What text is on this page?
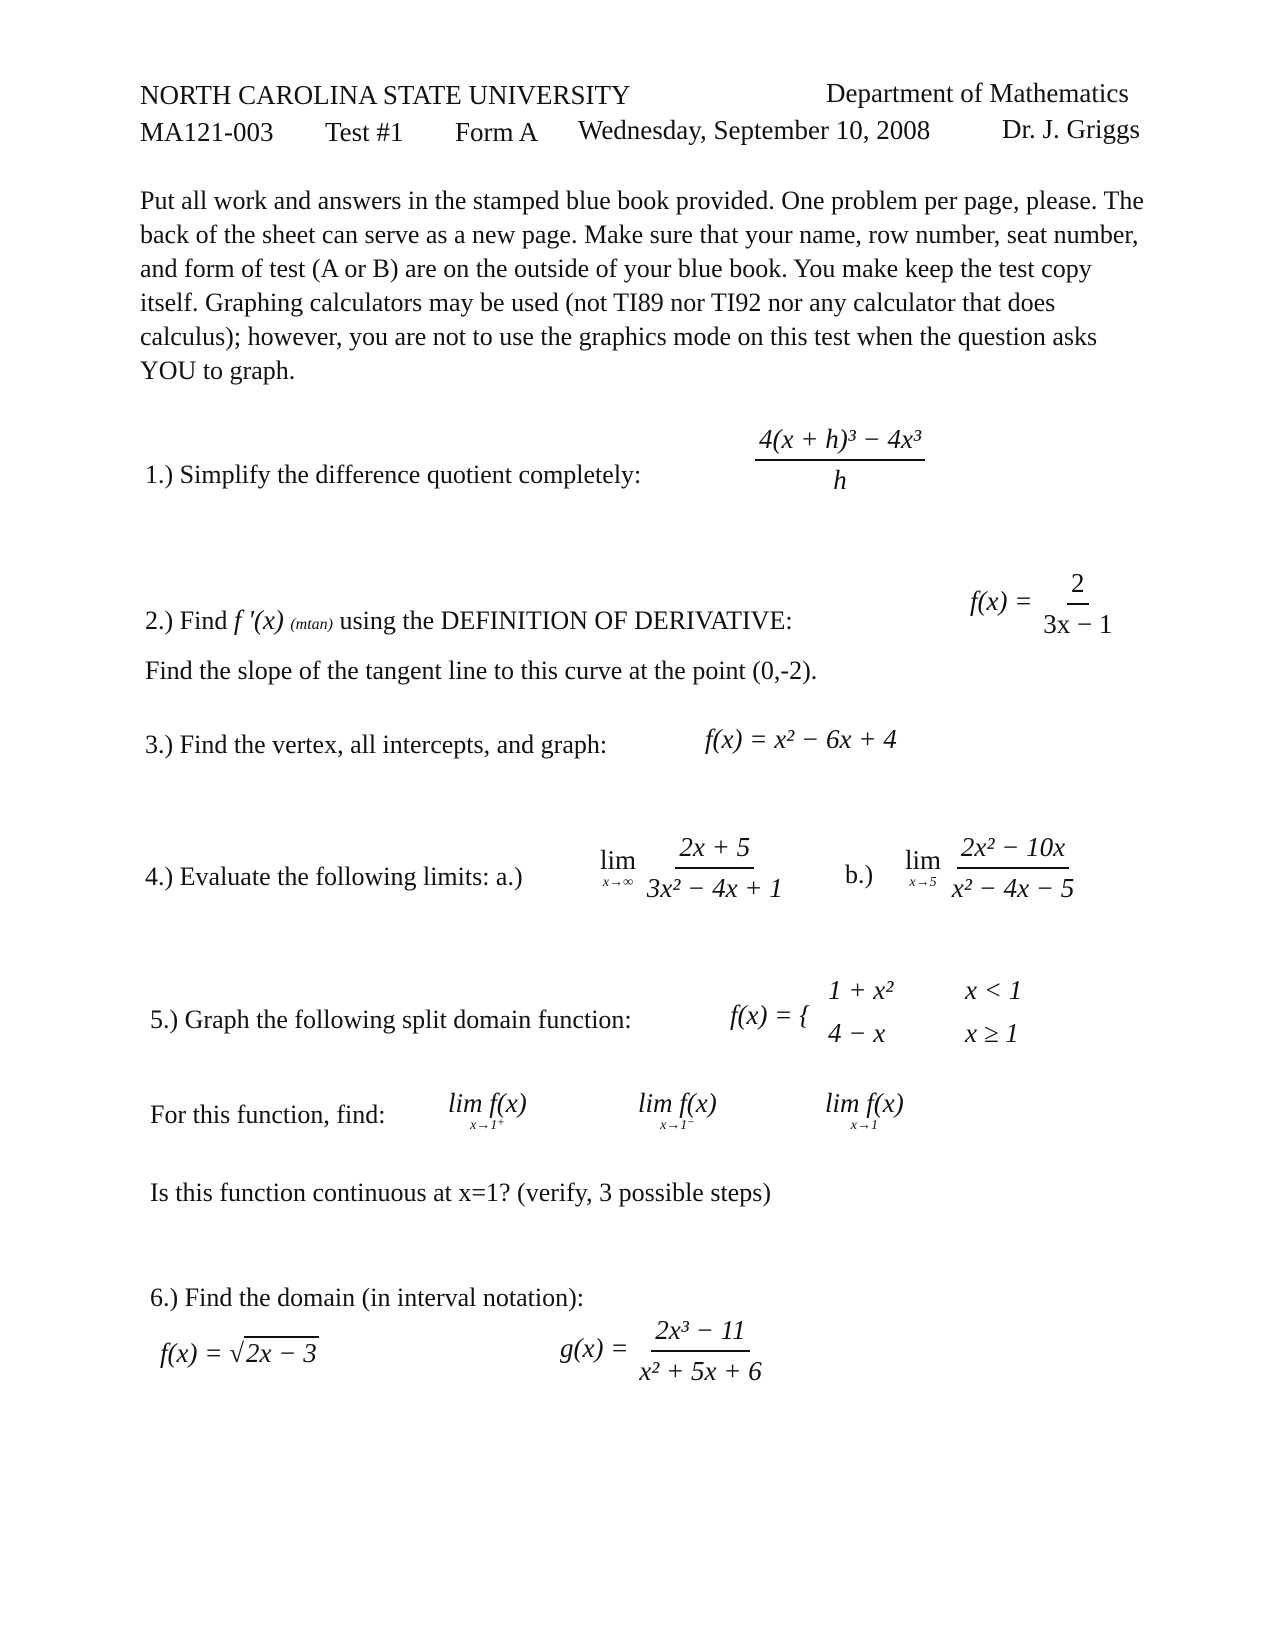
NORTH CAROLINA STATE UNIVERSITY	Department of Mathematics
MA121-003 Test #1 Form A Wednesday, September 10, 2008	Dr. J. Griggs
Put all work and answers in the stamped blue book provided. One problem per page, please. The back of the sheet can serve as a new page. Make sure that your name, row number, seat number, and form of test (A or B) are on the outside of your blue book. You make keep the test copy itself. Graphing calculators may be used (not TI89 nor TI92 nor any calculator that does calculus); however, you are not to use the graphics mode on this test when the question asks YOU to graph.
1.) Simplify the difference quotient completely:	$\frac{\text{4(x + h)³ − 4x³}}{h}$
2.) Find f '(x) (mtan) using the DEFINITION OF DERIVATIVE:
$f(x) = \frac{2}{3x - 1}$
Find the slope of the tangent line to this curve at the point (0,-2).
3.) Find the vertex, all intercepts, and graph:	f(x) = x² − 6x + 4
4.) Evaluate the following limits: a.)
lim
x→∞
$\frac{2x + 5}{\text{3x² − 4x + 1}} b$.) lim
x→5
$\frac{\text{2x² − 10x}}{\text{x² − 4x − 5}}$
5.) Graph the following split domain function:	f(x) = {
1 + x²	x < 1
4 − x	x ≥ 1
For this function, find: lim f(x)
x→1⁺
lim f(x)
x→1⁻
lim f(x)
x→1
Is this function continuous at x=1? (verify, 3 possible steps)
6.) Find the domain (in interval notation):
f(x) = √2x − 3	$g(x) = \frac{\text{2x³ − 11}}{\text{x² + 5x + 6}}$
